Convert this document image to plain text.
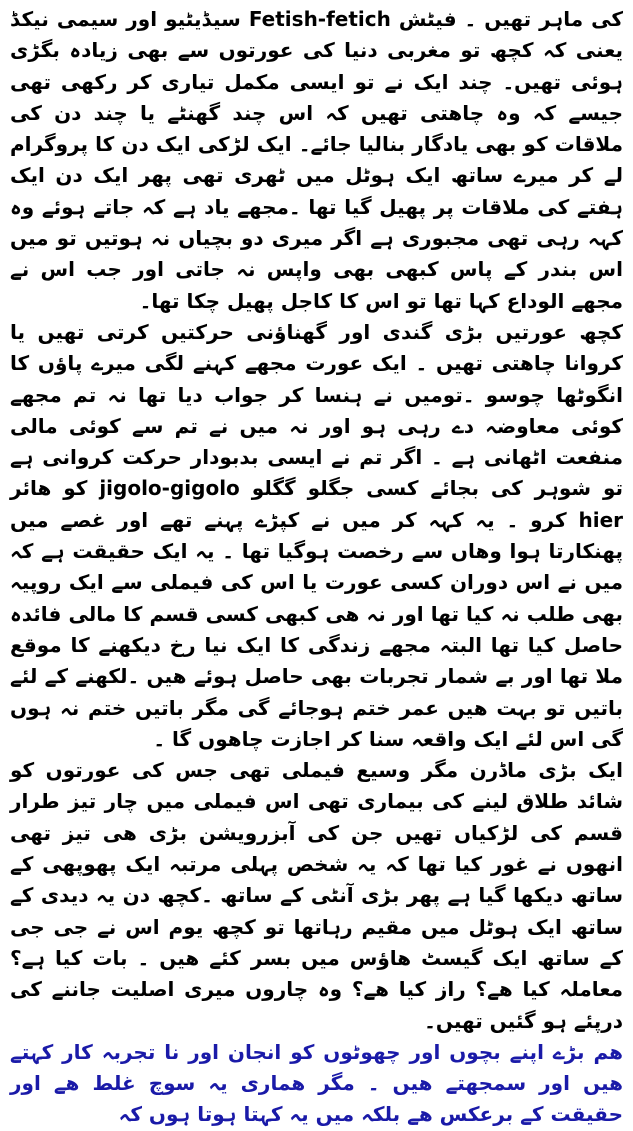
کی ماہر تھیں ۔ فیٹش Fetish-fetich سیڈیٹیو اور سیمی نیکڈ یعنی کہ کچھ تو مغربی دنیا کی عورتوں سے بھی زیادہ بگڑی ہوئی تھیں۔ چند ایک نے تو ایسی مکمل تیاری کر رکھی تھی جیسے کہ وہ چاھتی تھیں کہ اس چند گھنٹے یا چند دن کی ملاقات کو بھی یادگار بنالیا جائے۔ ایک لڑکی ایک دن کا پروگرام لے کر میرے ساتھ ایک ہوٹل میں ٹھری تھی پھر ایک دن ایک ہفتے کی ملاقات پر پھیل گیا تھا ۔مجھے یاد ہے کہ جاتے ہوئے وہ کہہ رہی تھی مجبوری ہے اگر میری دو بچیاں نہ ہوتیں تو میں اس بندر کے پاس کبھی بھی واپس نہ جاتی اور جب اس نے مجھے الوداع کہا تھا تو اس کا کاجل پھیل چکا تھا۔

کچھ عورتیں بڑی گندی اور گھناؤنی حرکتیں کرتی تھیں یا کروانا چاھتی تھیں ۔ ایک عورت مجھے کہنے لگی میرے پاؤں کا انگوٹھا چوسو ۔تومیں نے ہنسا کر جواب دیا تھا نہ تم مجھے کوئی معاوضہ دے رہی ہو اور نہ میں نے تم سے کوئی مالی منفعت اٹھانی ہے ۔ اگر تم نے ایسی بدبودار حرکت کروانی ہے تو شوہر کی بجائے کسی جگلو گگلو jigolo-gigolo کو ھائر hier کرو ۔ یہ کہہ کر میں نے کپڑے پہنے تھے اور غصے میں پھنکارتا ہوا وھاں سے رخصت ہوگیا تھا ۔ یہ ایک حقیقت ہے کہ میں نے اس دوران کسی عورت یا اس کی فیملی سے ایک روپیہ بھی طلب نہ کیا تھا اور نہ ھی کبھی کسی قسم کا مالی فائدہ حاصل کیا تھا البتہ مجھے زندگی کا ایک نیا رخ دیکھنے کا موقع ملا تھا اور بے شمار تجربات بھی حاصل ہوئے ھیں ۔لکھنے کے لئے باتیں تو بہت ھیں عمر ختم ہوجائے گی مگر باتیں ختم نہ ہوں گی اس لئے ایک واقعہ سنا کر اجازت چاھوں گا ۔

ایک بڑی ماڈرن مگر وسیع فیملی تھی جس کی عورتوں کو شائد طلاق لینے کی بیماری تھی اس فیملی میں چار تیز طرار قسم کی لڑکیاں تھیں جن کی آبزرویشن بڑی ھی تیز تھی انھوں نے غور کیا تھا کہ یہ شخص پہلی مرتبہ ایک پھوپھی کے ساتھ دیکھا گیا ہے پھر بڑی آنٹی کے ساتھ ۔کچھ دن یہ دیدی کے ساتھ ایک ہوٹل میں مقیم رہاتھا تو کچھ یوم اس نے جی جی کے ساتھ ایک گیسٹ ھاؤس میں بسر کئے ھیں ۔ بات کیا ہے؟ معاملہ کیا ھے؟ راز کیا ھے؟ وہ چاروں میری اصلیت جاننے کی درپئے ہو گئیں تھیں۔

ھم بڑے اپنے بچوں اور چھوٹوں کو انجان اور نا تجربہ کار کہتے ھیں اور سمجھتے ھیں ۔ مگر ھماری یہ سوچ غلط ھے اور حقیقت کے برعکس ھے بلکہ میں یہ کہتا ہوتا ہوں کہ
